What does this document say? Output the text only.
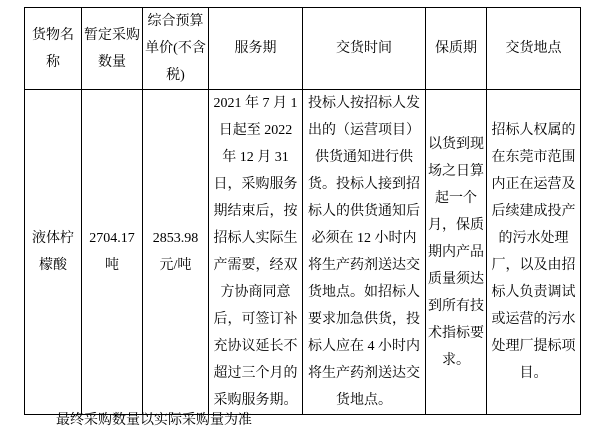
货物名称	暂定采购数量	综合预算单价(不含税)	服务期	交货时间	保质期	交货地点
液体柠檬酸	2704.17 吨	2853.98 元/吨	2021 年 7 月 1 日起至 2022 年 12 月 31 日，采购服务期结束后，按招标人实际生产需要，经双方协商同意后，可签订补充协议延长不超过三个月的采购服务期。	投标人按招标人发出的（运营项目）供货通知进行供货。投标人接到招标人的供货通知后必须在 12 小时内将生产药剂送达交货地点。如招标人要求加急供货，投标人应在 4 小时内将生产药剂送达交货地点。	以货到现场之日算起一个月，保质期内产品质量须达到所有技术指标要求。	招标人权属的在东莞市范围内正在运营及后续建成投产的污水处理厂，以及由招标人负责调试或运营的污水处理厂提标项目。
最终采购数量以实际采购量为准
